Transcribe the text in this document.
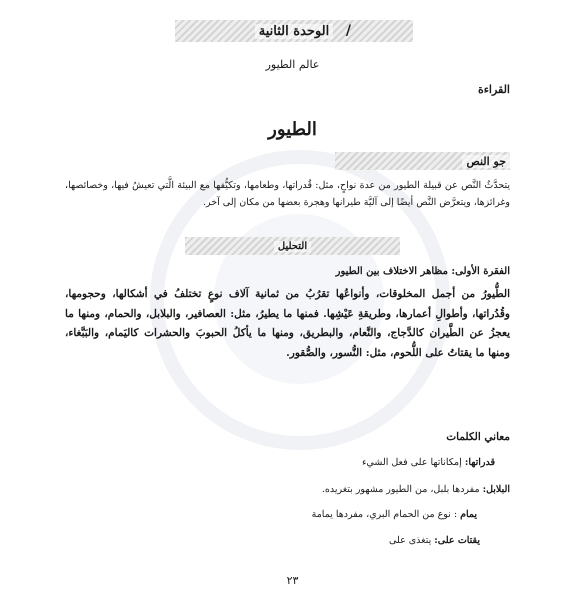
/
الوحدة الثانية
عالم الطيور
القراءة
الطيور
جو النص
يتحدَّثُ النَّص عن قبيلة الطيور من عدة نواحٍ، مثل: قُدراتها، وطعامها، وتكيُّفها مع البيئة الَّتي تعيشُ فيها، وخصائصها، وغرائزها، ويتعرَّض النَّص أيضًا إلى آليَّة طيرانها وهجرة بعضها من مكان إلى آخر.
التحليل
الفقرة الأولى: مظاهر الاختلاف بين الطيور
الطُّيورُ من أجمل المخلوقات، وأنواعُها تقرُبُ من ثمانية آلاف نوعٍ تختلفُ في أشكالها، وحجومها، وقُدُراتها، وأطوالِ أعمارها، وطريقةِ عَيْشِها. فمنها ما يطيرُ، مثل: العصافير، والبلابل، والحمام، ومنها ما يعجزُ عن الطَّيران كالدَّجاج، والنَّعام، والبطريق، ومنها ما يأكلُ الحبوبَ والحشرات كاليَمام، والبَبَّغاء، ومنها ما يقتاتُ على اللُّحوم، مثل: النُّسور، والصُّقور.
معاني الكلمات
قدراتها: إمكاناتها على فعل الشيء
البلابل: مفردها بلبل، من الطيور مشهور بتغريده.
يمام : نوع من الحمام البري، مفردها يمامة
يقتات على: يتغذى على
٢٣
